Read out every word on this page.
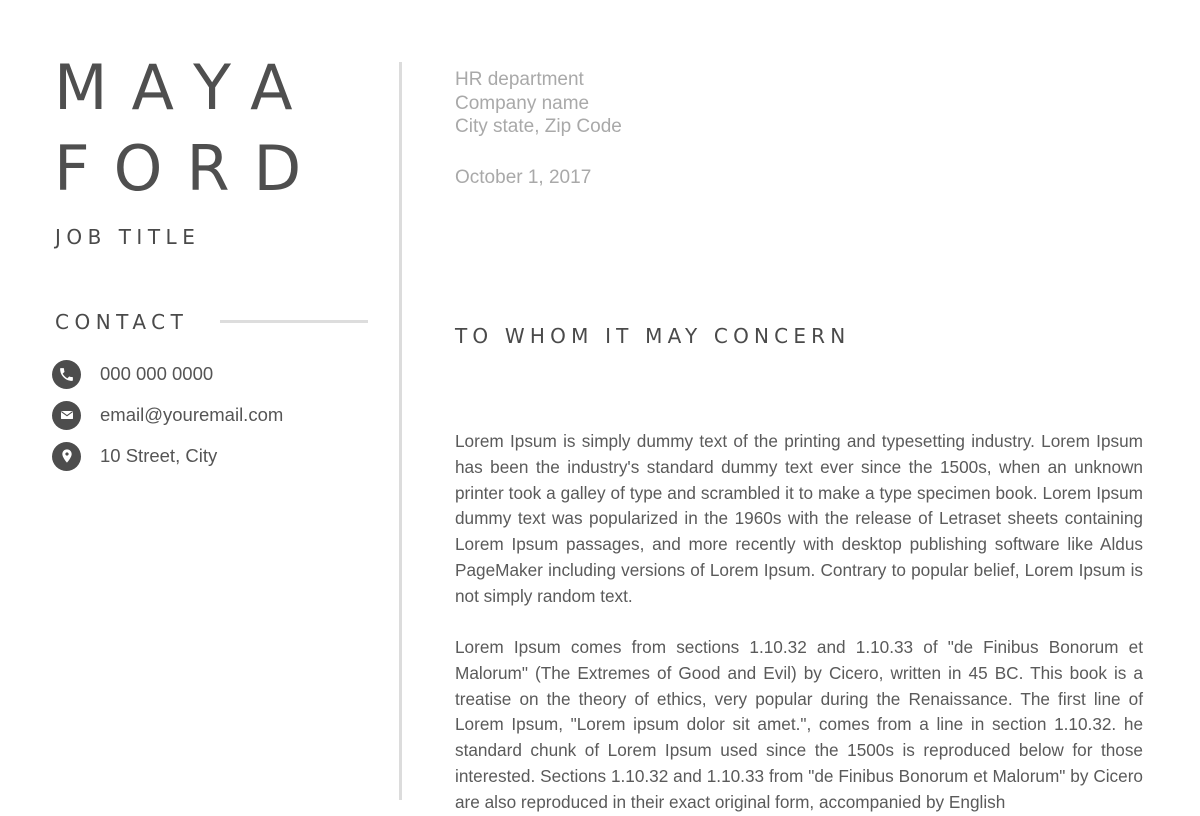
MAYA
FORD
JOB TITLE
CONTACT
000 000 0000
email@youremail.com
10 Street, City
HR department
Company name
City state, Zip Code
October 1, 2017
TO WHOM IT MAY CONCERN

Lorem Ipsum is simply dummy text of the printing and typesetting industry. Lorem Ipsum has been the industry's standard dummy text ever since the 1500s, when an unknown printer took a galley of type and scrambled it to make a type specimen book. Lorem Ipsum dummy text was popularized in the 1960s with the release of Letraset sheets containing Lorem Ipsum passages, and more recently with desktop publishing software like Aldus PageMaker including versions of Lorem Ipsum. Contrary to popular belief, Lorem Ipsum is not simply random text.

Lorem Ipsum comes from sections 1.10.32 and 1.10.33 of "de Finibus Bonorum et Malorum" (The Extremes of Good and Evil) by Cicero, written in 45 BC. This book is a treatise on the theory of ethics, very popular during the Renaissance. The first line of Lorem Ipsum, "Lorem ipsum dolor sit amet.", comes from a line in section 1.10.32. he standard chunk of Lorem Ipsum used since the 1500s is reproduced below for those interested. Sections 1.10.32 and 1.10.33 from "de Finibus Bonorum et Malorum" by Cicero are also reproduced in their exact original form, accompanied by English
